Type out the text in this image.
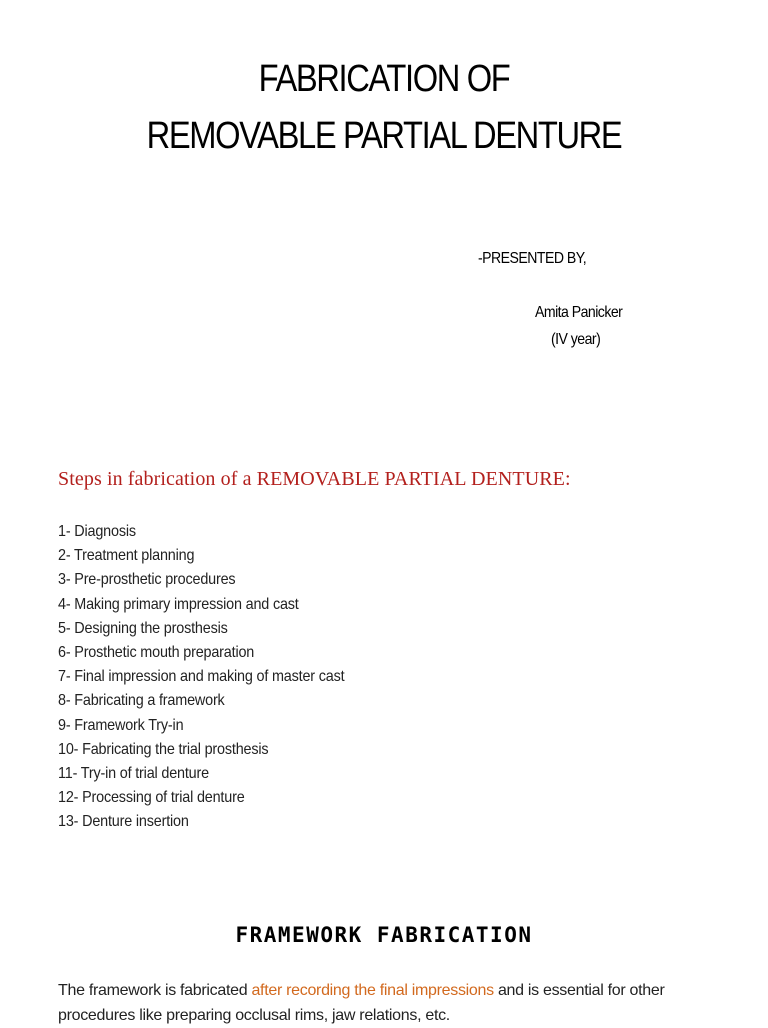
FABRICATION OF
REMOVABLE PARTIAL DENTURE
-PRESENTED BY,
Amita Panicker
(IV year)
Steps in fabrication of a REMOVABLE PARTIAL DENTURE:
1- Diagnosis
2- Treatment planning
3- Pre-prosthetic procedures
4- Making primary impression and cast
5- Designing the prosthesis
6- Prosthetic mouth preparation
7- Final impression and making of master cast
8- Fabricating a framework
9- Framework Try-in
10- Fabricating the trial prosthesis
11- Try-in of trial denture
12- Processing of trial denture
13- Denture insertion
FRAMEWORK FABRICATION

The framework is fabricated after recording the final impressions and is essential for other procedures like preparing occlusal rims, jaw relations, etc.
